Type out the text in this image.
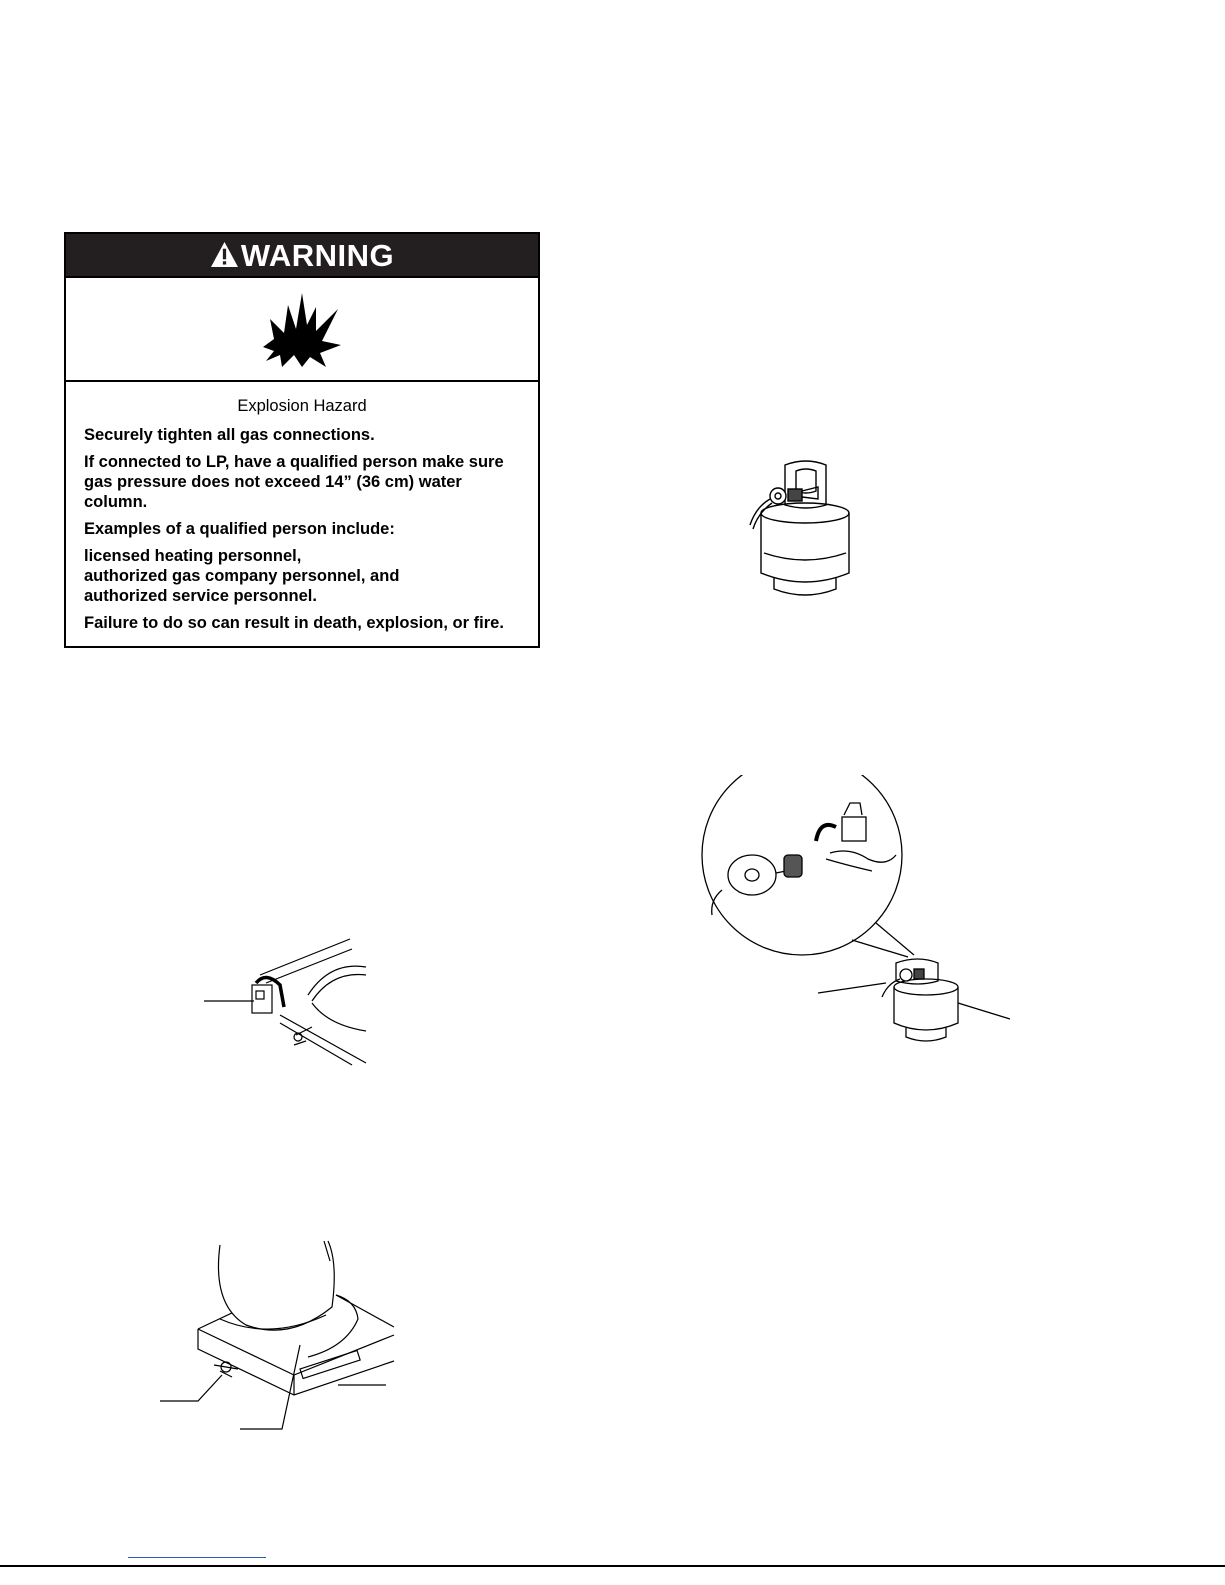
WARNING
Explosion Hazard
Securely tighten all gas connections.
If connected to LP, have a qualified person make sure gas pressure does not exceed 14” (36 cm) water column.
Examples of a qualified person include:
licensed heating personnel,
authorized gas company personnel, and
authorized service personnel.
Failure to do so can result in death, explosion, or fire.
